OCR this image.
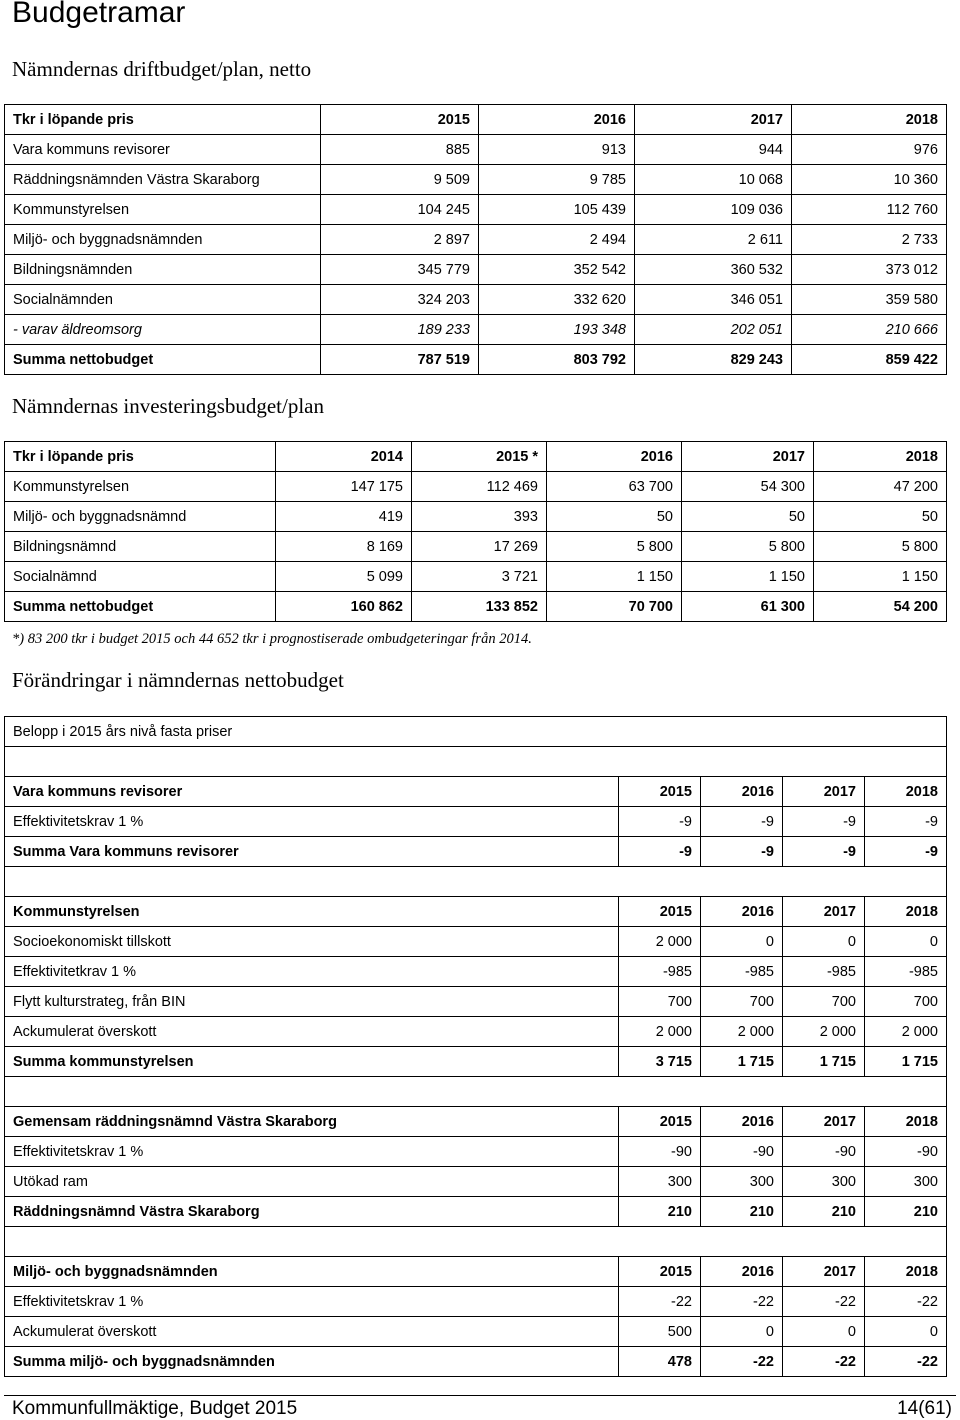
Budgetramar
Nämndernas driftbudget/plan, netto
Tkr i löpande pris	2015	2016	2017	2018
Vara kommuns revisorer	885	913	944	976
Räddningsnämnden Västra Skaraborg	9 509	9 785	10 068	10 360
Kommunstyrelsen	104 245	105 439	109 036	112 760
Miljö- och byggnadsnämnden	2 897	2 494	2 611	2 733
Bildningsnämnden	345 779	352 542	360 532	373 012
Socialnämnden	324 203	332 620	346 051	359 580
- varav äldreomsorg	189 233	193 348	202 051	210 666
Summa nettobudget	787 519	803 792	829 243	859 422
Nämndernas investeringsbudget/plan
Tkr i löpande pris	2014	2015 *	2016	2017	2018
Kommunstyrelsen	147 175	112 469	63 700	54 300	47 200
Miljö- och byggnadsnämnd	419	393	50	50	50
Bildningsnämnd	8 169	17 269	5 800	5 800	5 800
Socialnämnd	5 099	3 721	1 150	1 150	1 150
Summa nettobudget	160 862	133 852	70 700	61 300	54 200

*) 83 200 tkr i budget 2015 och 44 652 tkr i prognostiserade ombudgeteringar från 2014.

Förändringar i nämndernas nettobudget
Belopp i 2015 års nivå fasta priser				

Vara kommuns revisorer	2015	2016	2017	2018
Effektivitetskrav 1 %	-9	-9	-9	-9
Summa Vara kommuns revisorer	-9	-9	-9	-9

Kommunstyrelsen	2015	2016	2017	2018
Socioekonomiskt tillskott	2 000	0	0	0
Effektivitetkrav 1 %	-985	-985	-985	-985
Flytt kulturstrateg, från BIN	700	700	700	700
Ackumulerat överskott	2 000	2 000	2 000	2 000
Summa kommunstyrelsen	3 715	1 715	1 715	1 715

Gemensam räddningsnämnd Västra Skaraborg	2015	2016	2017	2018
Effektivitetskrav 1 %	-90	-90	-90	-90
Utökad ram	300	300	300	300
Räddningsnämnd Västra Skaraborg	210	210	210	210

Miljö- och byggnadsnämnden	2015	2016	2017	2018
Effektivitetskrav 1 %	-22	-22	-22	-22
Ackumulerat överskott	500	0	0	0
Summa miljö- och byggnadsnämnden	478	-22	-22	-22
Kommunfullmäktige, Budget 2015	14(61)
